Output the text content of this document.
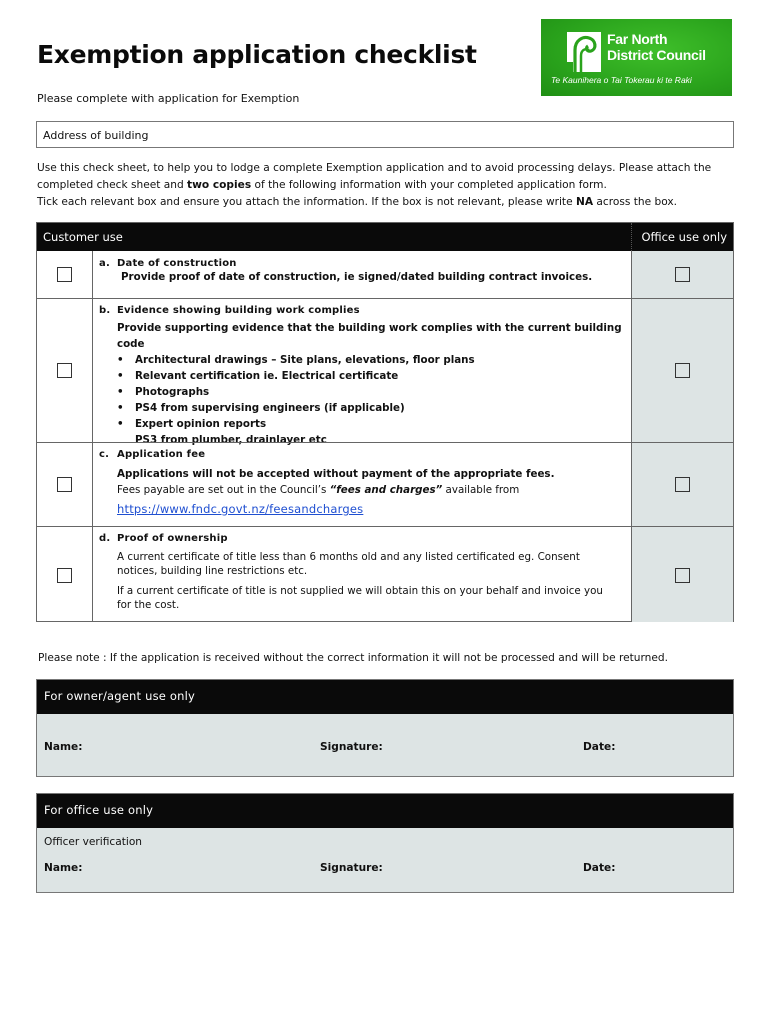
Exemption application checklist
Please complete with application for Exemption
Far North
District Council
Te Kaunihera o Tai Tokerau ki te Raki
Address of building
Use this check sheet, to help you to lodge a complete Exemption application and to avoid processing delays. Please attach the completed check sheet and two copies of the following information with your completed application form.
Tick each relevant box and ensure you attach the information. If the box is not relevant, please write NA across the box.
Customer use	Office use only
a. Date of construction
Provide proof of date of construction, ie signed/dated building contract invoices.
b. Evidence showing building work complies
Provide supporting evidence that the building work complies with the current building code
• Architectural drawings – Site plans, elevations, floor plans
• Relevant certification ie. Electrical certificate
• Photographs
• PS4 from supervising engineers (if applicable)
• Expert opinion reports
PS3 from plumber, drainlayer etc
c. Application fee
Applications will not be accepted without payment of the appropriate fees.
Fees payable are set out in the Council’s “fees and charges” available from
https://www.fndc.govt.nz/feesandcharges
d. Proof of ownership
A current certificate of title less than 6 months old and any listed certificated eg. Consent notices, building line restrictions etc.
If a current certificate of title is not supplied we will obtain this on your behalf and invoice you for the cost.
Please note : If the application is received without the correct information it will not be processed and will be returned.
For owner/agent use only
Name:	Signature:	Date:
For office use only
Officer verification
Name:	Signature:	Date:
